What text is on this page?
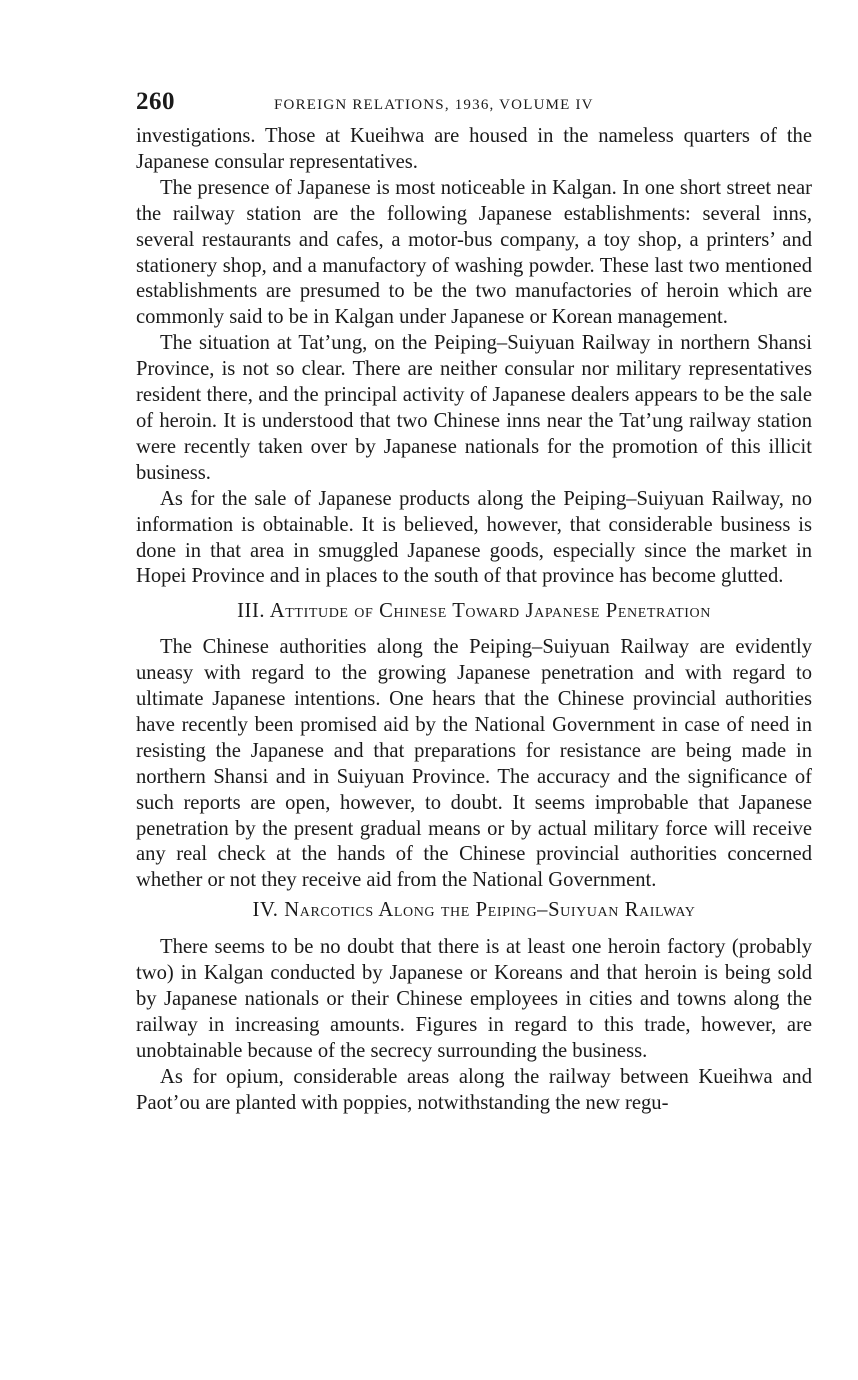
260	FOREIGN RELATIONS, 1936, VOLUME IV

investigations. Those at Kueihwa are housed in the nameless quarters of the Japanese consular representatives.

The presence of Japanese is most noticeable in Kalgan. In one short street near the railway station are the following Japanese establishments: several inns, several restaurants and cafes, a motor-bus company, a toy shop, a printers’ and stationery shop, and a manufactory of washing powder. These last two mentioned establishments are presumed to be the two manufactories of heroin which are commonly said to be in Kalgan under Japanese or Korean management.

The situation at Tat’ung, on the Peiping–Suiyuan Railway in northern Shansi Province, is not so clear. There are neither consular nor military representatives resident there, and the principal activity of Japanese dealers appears to be the sale of heroin. It is understood that two Chinese inns near the Tat’ung railway station were recently taken over by Japanese nationals for the promotion of this illicit business.

As for the sale of Japanese products along the Peiping–Suiyuan Railway, no information is obtainable. It is believed, however, that considerable business is done in that area in smuggled Japanese goods, especially since the market in Hopei Province and in places to the south of that province has become glutted.

III. Attitude of Chinese Toward Japanese Penetration

The Chinese authorities along the Peiping–Suiyuan Railway are evidently uneasy with regard to the growing Japanese penetration and with regard to ultimate Japanese intentions. One hears that the Chinese provincial authorities have recently been promised aid by the National Government in case of need in resisting the Japanese and that preparations for resistance are being made in northern Shansi and in Suiyuan Province. The accuracy and the significance of such reports are open, however, to doubt. It seems improbable that Japanese penetration by the present gradual means or by actual military force will receive any real check at the hands of the Chinese provincial authorities concerned whether or not they receive aid from the National Government.

IV. Narcotics Along the Peiping–Suiyuan Railway

There seems to be no doubt that there is at least one heroin factory (probably two) in Kalgan conducted by Japanese or Koreans and that heroin is being sold by Japanese nationals or their Chinese employees in cities and towns along the railway in increasing amounts. Figures in regard to this trade, however, are unobtainable because of the secrecy surrounding the business.

As for opium, considerable areas along the railway between Kueihwa and Paot’ou are planted with poppies, notwithstanding the new regu-
